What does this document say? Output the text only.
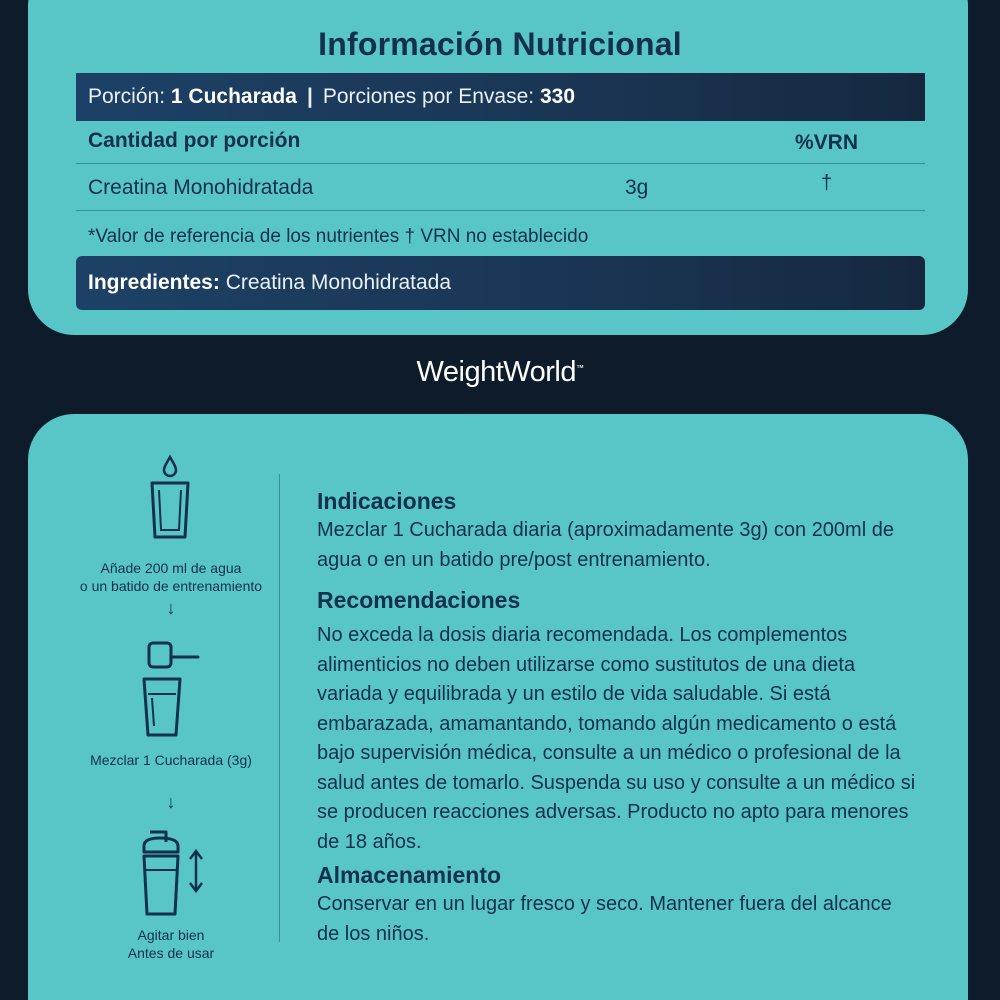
Información Nutricional
Porción:
1 Cucharada | Porciones por Envase:
330
Cantidad por porción	%VRN
Creatina Monohidratada	3g	†
*Valor de referencia de los nutrientes † VRN no establecido
Ingredientes:
Creatina Monohidratada
WeightWorld™
Añade 200 ml de agua
o un batido de entrenamiento
↓
Mezclar 1 Cucharada (3g)
↓
Agitar bien
Antes de usar
Indicaciones
Mezclar 1 Cucharada diaria (aproximadamente 3g) con 200ml de agua o en un batido pre/post entrenamiento.
Recomendaciones
No exceda la dosis diaria recomendada. Los complementos alimenticios no deben utilizarse como sustitutos de una dieta variada y equilibrada y un estilo de vida saludable. Si está embarazada, amamantando, tomando algún medicamento o está bajo supervisión médica, consulte a un médico o profesional de la salud antes de tomarlo. Suspenda su uso y consulte a un médico si se producen reacciones adversas. Producto no apto para menores de 18 años.
Almacenamiento
Conservar en un lugar fresco y seco. Mantener fuera del alcance de los niños.
